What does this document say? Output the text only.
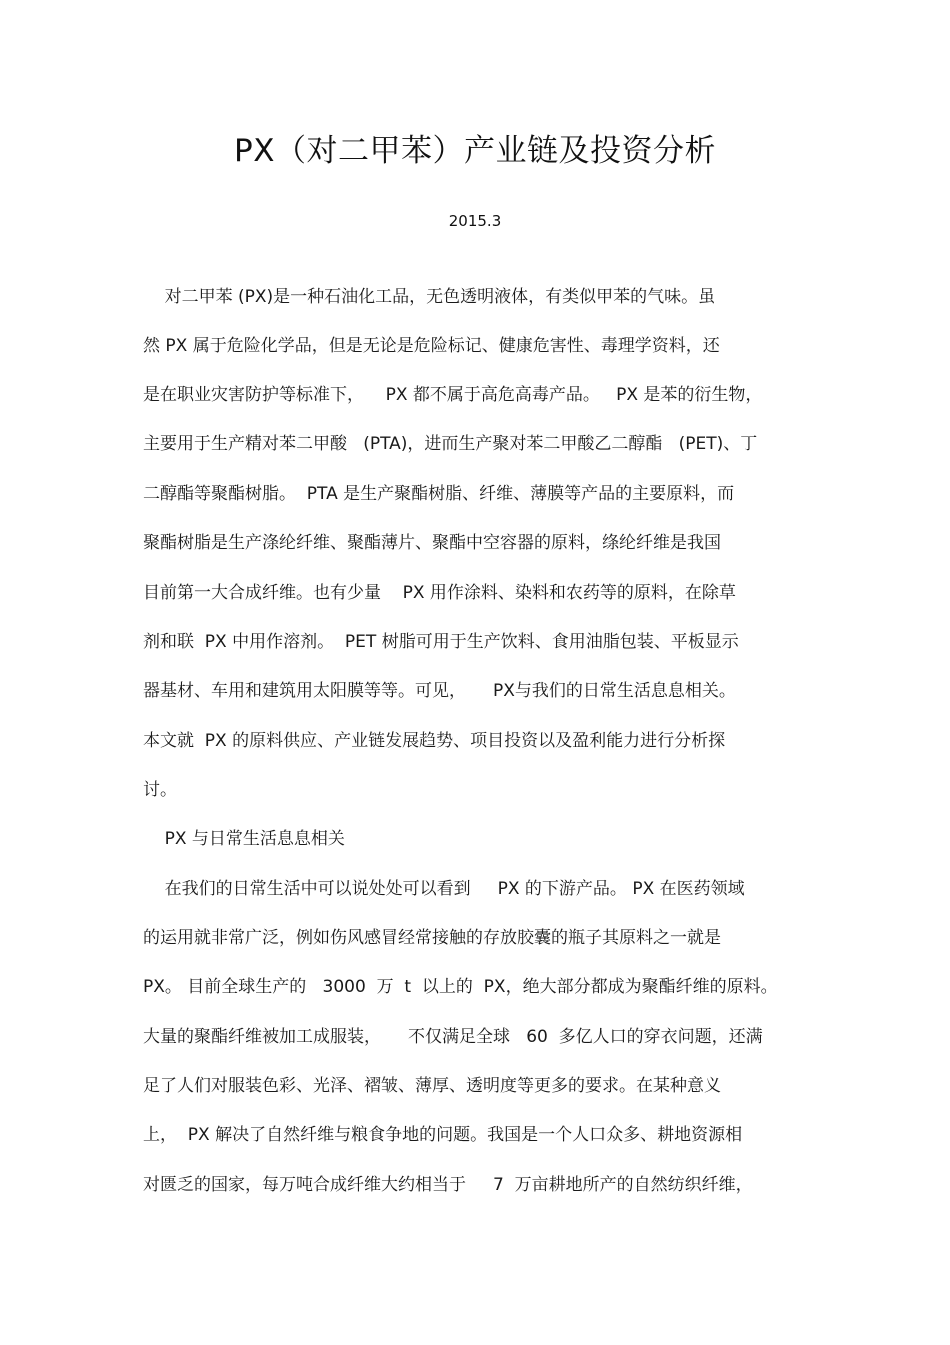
PX（对二甲苯）产业链及投资分析
2015.3
对二甲苯 (PX)是一种石油化工品，无色透明液体，有类似甲苯的气味。虽
然 PX 属于危险化学品，但是无论是危险标记、健康危害性、毒理学资料，还
是在职业灾害防护等标准下，    PX 都不属于高危高毒产品。   PX 是苯的衍生物，
主要用于生产精对苯二甲酸   (PTA)，进而生产聚对苯二甲酸乙二醇酯   (PET)、丁
二醇酯等聚酯树脂。  PTA 是生产聚酯树脂、纤维、薄膜等产品的主要原料，而
聚酯树脂是生产涤纶纤维、聚酯薄片、聚酯中空容器的原料，绦纶纤维是我国
目前第一大合成纤维。也有少量    PX 用作涂料、染料和农药等的原料，在除草
剂和联  PX 中用作溶剂。  PET 树脂可用于生产饮料、食用油脂包装、平板显示
器基材、车用和建筑用太阳膜等等。可见，     PX与我们的日常生活息息相关。
本文就  PX 的原料供应、产业链发展趋势、项目投资以及盈利能力进行分析探
讨。
PX 与日常生活息息相关
在我们的日常生活中可以说处处可以看到     PX 的下游产品。 PX 在医药领域
的运用就非常广泛，例如伤风感冒经常接触的存放胶囊的瓶子其原料之一就是
PX。 目前全球生产的   3000  万  t  以上的  PX，绝大部分都成为聚酯纤维的原料。
大量的聚酯纤维被加工成服装，     不仅满足全球   60  多亿人口的穿衣问题，还满
足了人们对服装色彩、光泽、褶皱、薄厚、透明度等更多的要求。在某种意义
上，  PX 解决了自然纤维与粮食争地的问题。我国是一个人口众多、耕地资源相
对匮乏的国家，每万吨合成纤维大约相当于     7  万亩耕地所产的自然纺织纤维，
